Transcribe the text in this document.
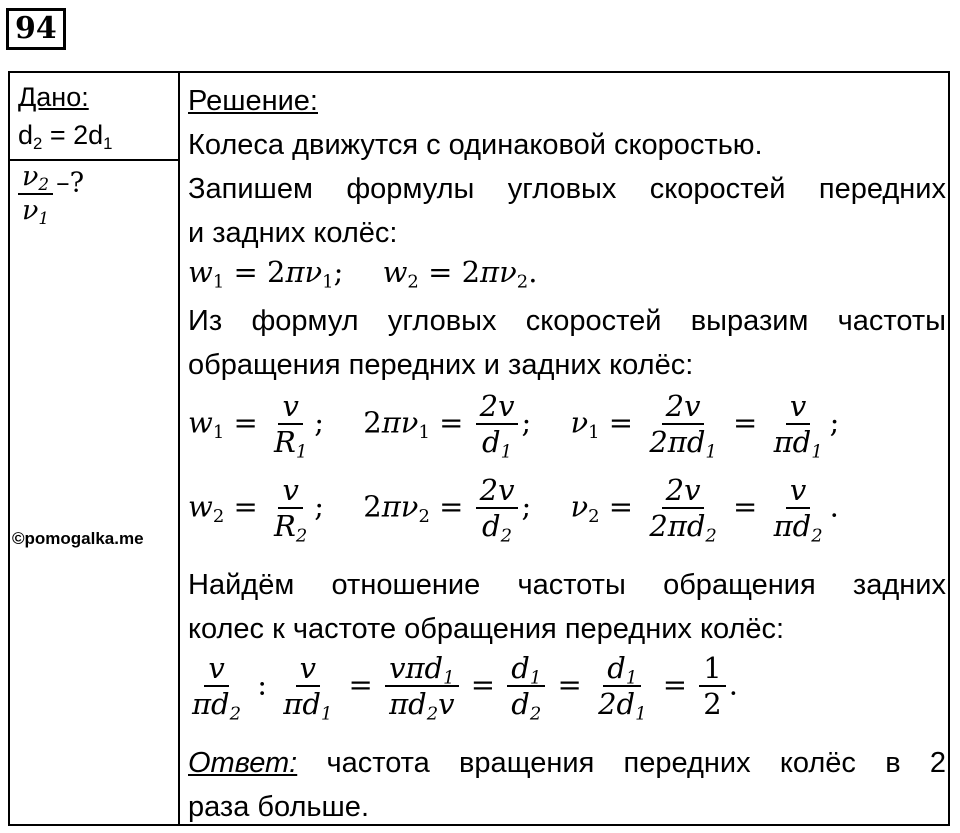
94
Дано:
$d_2 = 2d_1$
$\frac{\nu_2}{\nu_1}$ –?
©pomogalka.me
Решение:
Колеса движутся с одинаковой скоростью.
Запишем формулы угловых скоростей передних
и задних колёс:
$w_1 = 2\pi\nu_1$; $w_2 = 2\pi\nu_2$.
Из формул угловых скоростей выразим частоты
обращения передних и задних колёс:
$w_1 = \frac{v}{R_1}$ ; $2\pi\nu_1 = \frac{2v}{d_1}$ ; $\nu_1 = \frac{2v}{2\pi d_1} = \frac{v}{\pi d_1}$ ;
$w_2 = \frac{v}{R_2}$ ; $2\pi\nu_2 = \frac{2v}{d_2}$ ; $\nu_2 = \frac{2v}{2\pi d_2} = \frac{v}{\pi d_2}$ .
Найдём отношение частоты обращения задних
колес к частоте обращения передних колёс:
$\frac{v}{\pi d_2}$ : $\frac{v}{\pi d_1} = \frac{v\pi d_1}{\pi d_2v} = \frac{d_1}{d_2} = \frac{d_1}{2d_1} = \frac{1}{2}$ .
Ответ: частота вращения передних колёс в 2
раза больше.
